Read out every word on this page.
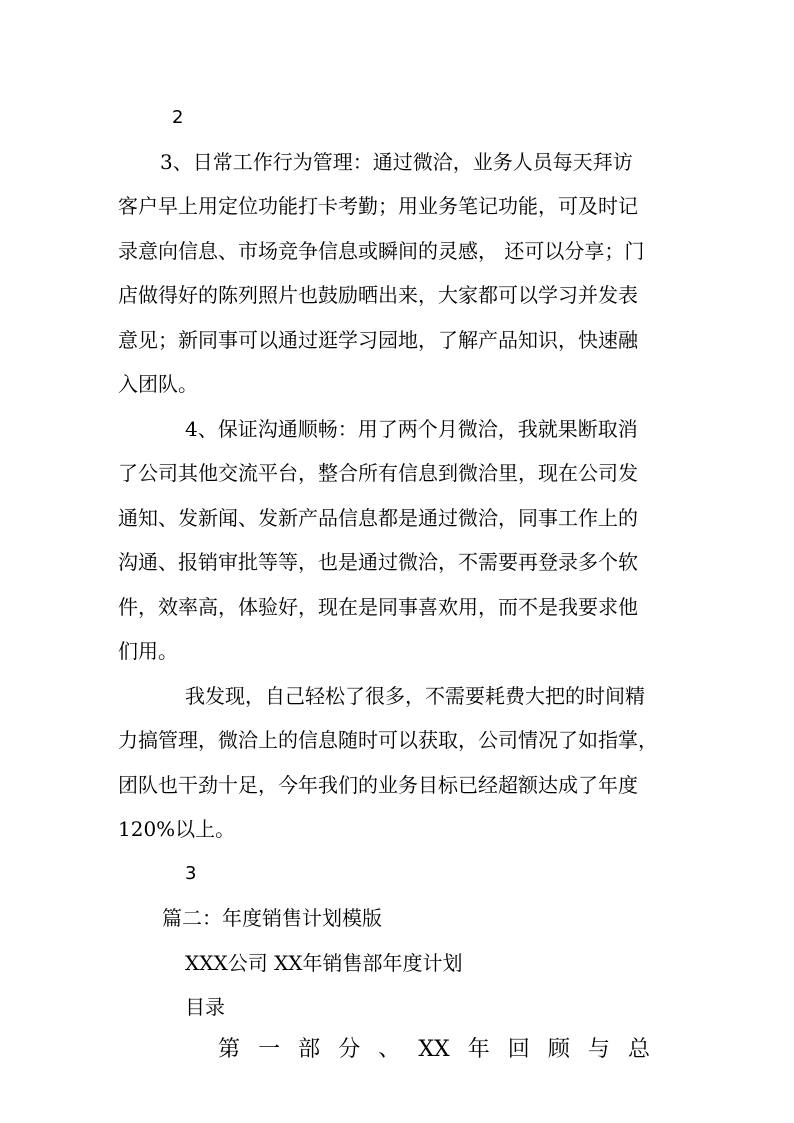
2
3、日常工作行为管理：通过微洽，业务人员每天拜访
客户早上用定位功能打卡考勤；用业务笔记功能，可及时记
录意向信息、市场竞争信息或瞬间的灵感， 还可以分享；门
店做得好的陈列照片也鼓励晒出来，大家都可以学习并发表
意见；新同事可以通过逛学习园地，了解产品知识，快速融
入团队。
4、保证沟通顺畅：用了两个月微洽，我就果断取消
了公司其他交流平台，整合所有信息到微洽里，现在公司发
通知、发新闻、发新产品信息都是通过微洽，同事工作上的
沟通、报销审批等等，也是通过微洽，不需要再登录多个软
件，效率高，体验好，现在是同事喜欢用，而不是我要求他
们用。
我发现，自己轻松了很多，不需要耗费大把的时间精
力搞管理，微洽上的信息随时可以获取，公司情况了如指掌，
团队也干劲十足，今年我们的业务目标已经超额达成了年度
120%以上。
3
篇二：年度销售计划模版
XXX公司 XX年销售部年度计划
目录
第 一 部 分 、 XX 年 回 顾 与 总
